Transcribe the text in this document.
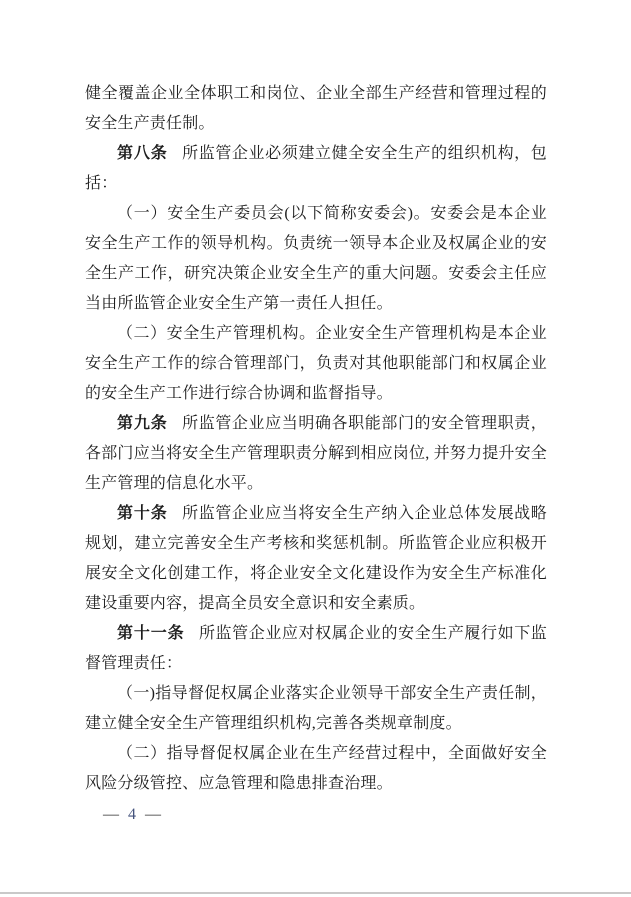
健全覆盖企业全体职工和岗位、企业全部生产经营和管理过程的安全生产责任制。

第八条 所监管企业必须建立健全安全生产的组织机构，包括：

（一）安全生产委员会(以下简称安委会)。安委会是本企业安全生产工作的领导机构。负责统一领导本企业及权属企业的安全生产工作，研究决策企业安全生产的重大问题。安委会主任应当由所监管企业安全生产第一责任人担任。

（二）安全生产管理机构。企业安全生产管理机构是本企业安全生产工作的综合管理部门，负责对其他职能部门和权属企业的安全生产工作进行综合协调和监督指导。

第九条 所监管企业应当明确各职能部门的安全管理职责，各部门应当将安全生产管理职责分解到相应岗位, 并努力提升安全生产管理的信息化水平。

第十条 所监管企业应当将安全生产纳入企业总体发展战略规划，建立完善安全生产考核和奖惩机制。所监管企业应积极开展安全文化创建工作，将企业安全文化建设作为安全生产标准化建设重要内容，提高全员安全意识和安全素质。

第十一条 所监管企业应对权属企业的安全生产履行如下监督管理责任：

（一)指导督促权属企业落实企业领导干部安全生产责任制，建立健全安全生产管理组织机构,完善各类规章制度。

（二）指导督促权属企业在生产经营过程中，全面做好安全风险分级管控、应急管理和隐患排查治理。

— 4 —
